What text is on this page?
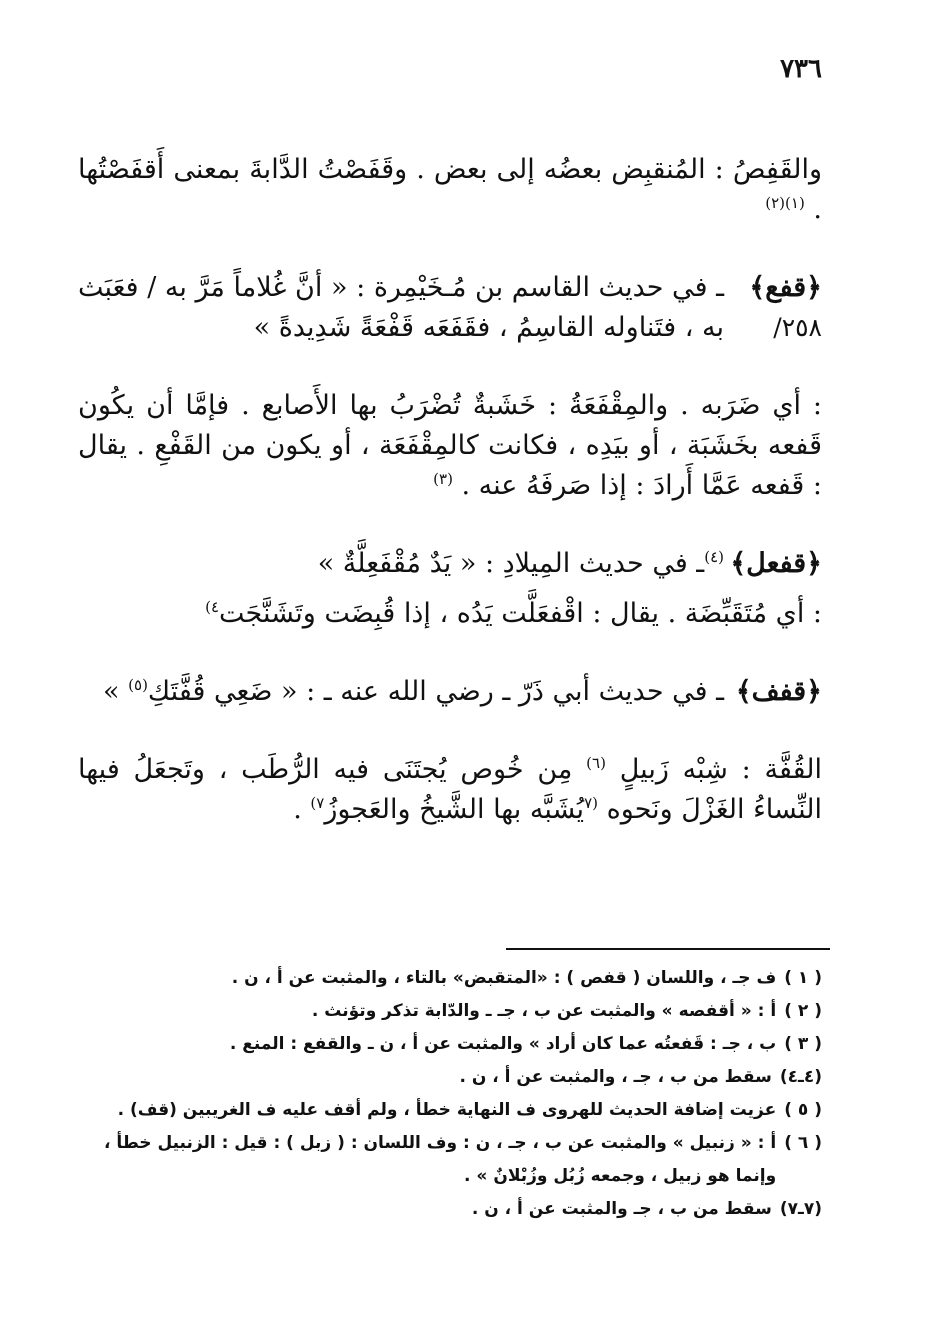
٧٣٦

والقَفِصُ : المُنقبِض بعضُه إلى بعض . وقَفَصْتُ الدَّابةَ بمعنى أَقفَصْتُها . $^{(١)(٢)}$

﴿قفع﴾
/٢٥٨
ـ في حديث القاسم بن مُـخَيْمِرة : « أنَّ غُلاماً مَرَّ به / فعَبَث به ، فتَناوله القاسِمُ ، فقَفَعَه قَفْعَةً شَدِيدةً »

: أي ضَرَبه . والمِقْفَعَةُ : خَشَبةٌ تُضْرَبُ بها الأَصابع . فإمَّا أن يكُون قَفعه بخَشَبَة ، أو بيَدِه ، فكانت كالمِقْفَعَة ، أو يكون من القَفْعِ . يقال : قَفعه عَمَّا أَرادَ : إذا صَرفَهُ عنه . $^{(٣)}$

﴿قفعل﴾
$^{(٤)}$ـ في حديث المِيلادِ : « يَدٌ مُقْفَعِلَّةٌ »

: أي مُتَقَبِّضَة . يقال : اقْفعَلَّت يَدُه ، إذا قُبِضَت وتَشَنَّجَت$^{٤)}$

﴿قفف﴾
ـ في حديث أبي ذَرّ ـ رضي الله عنه ـ : « ضَعِي قُفَّتَكِ$^{(٥)}$ »

القُفَّة : شِبْه زَبيلٍ $^{(٦)}$ مِن خُوص يُجتَنَى فيه الرُّطَب ، وتَجعَلُ فيها النِّساءُ الغَزْلَ ونَحوه $^{(٧}$يُشَبَّه بها الشَّيخُ والعَجوزُ$^{٧)}$ .

( ١ )
ف جـ ، واللسان ( قفص ) : «المتقبض» بالتاء ، والمثبت عن أ ، ن .
( ٢ )
أ : « أقفصه » والمثبت عن ب ، جـ ـ والدّابة تذكر وتؤنث .
( ٣ )
ب ، جـ : قَفعتُه عما كان أراد » والمثبت عن أ ، ن ـ والقفع : المنع .
(٤ـ٤)
سقط من ب ، جـ ، والمثبت عن أ ، ن .
( ٥ )
عزيت إضافة الحديث للهروى ف النهاية خطأ ، ولم أقف عليه ف الغريبين (قف) .
( ٦ )
أ : « زنبيل » والمثبت عن ب ، جـ ، ن : وف اللسان : ( زبل ) : قيل : الزنبيل خطأ ، وإنما هو زبيل ، وجمعه زُبُل وزُبْلانٌ » .
(٧ـ٧)
سقط من ب ، جـ والمثبت عن أ ، ن .
